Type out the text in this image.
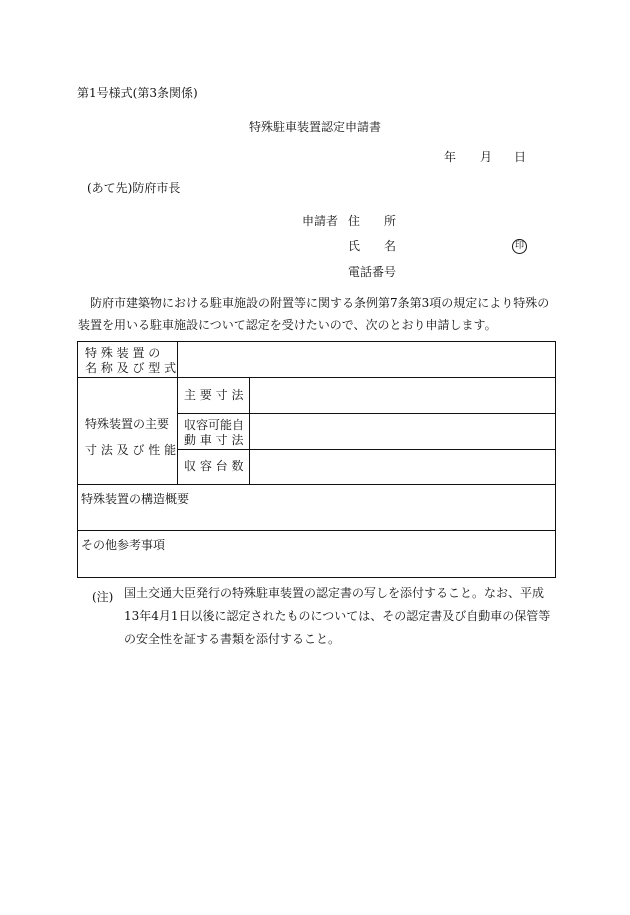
第1号様式(第3条関係)
特殊駐車装置認定申請書
年 月 日
(あて先)防府市長
申請者 住　　所
氏　　名	印
電話番号
防府市建築物における駐車施設の附置等に関する条例第7条第3項の規定により特殊の装置を用いる駐車施設について認定を受けたいので、次のとおり申請します。
特 殊 装 置 の
名 称 及 び 型 式
特殊装置の主要
寸 法 及 び 性 能
主 要 寸 法
収容可能自
動 車 寸 法
収 容 台 数
特殊装置の構造概要
その他参考事項
(注) 国土交通大臣発行の特殊駐車装置の認定書の写しを添付すること。なお、平成13年4月1日以後に認定されたものについては、その認定書及び自動車の保管等の安全性を証する書類を添付すること。
